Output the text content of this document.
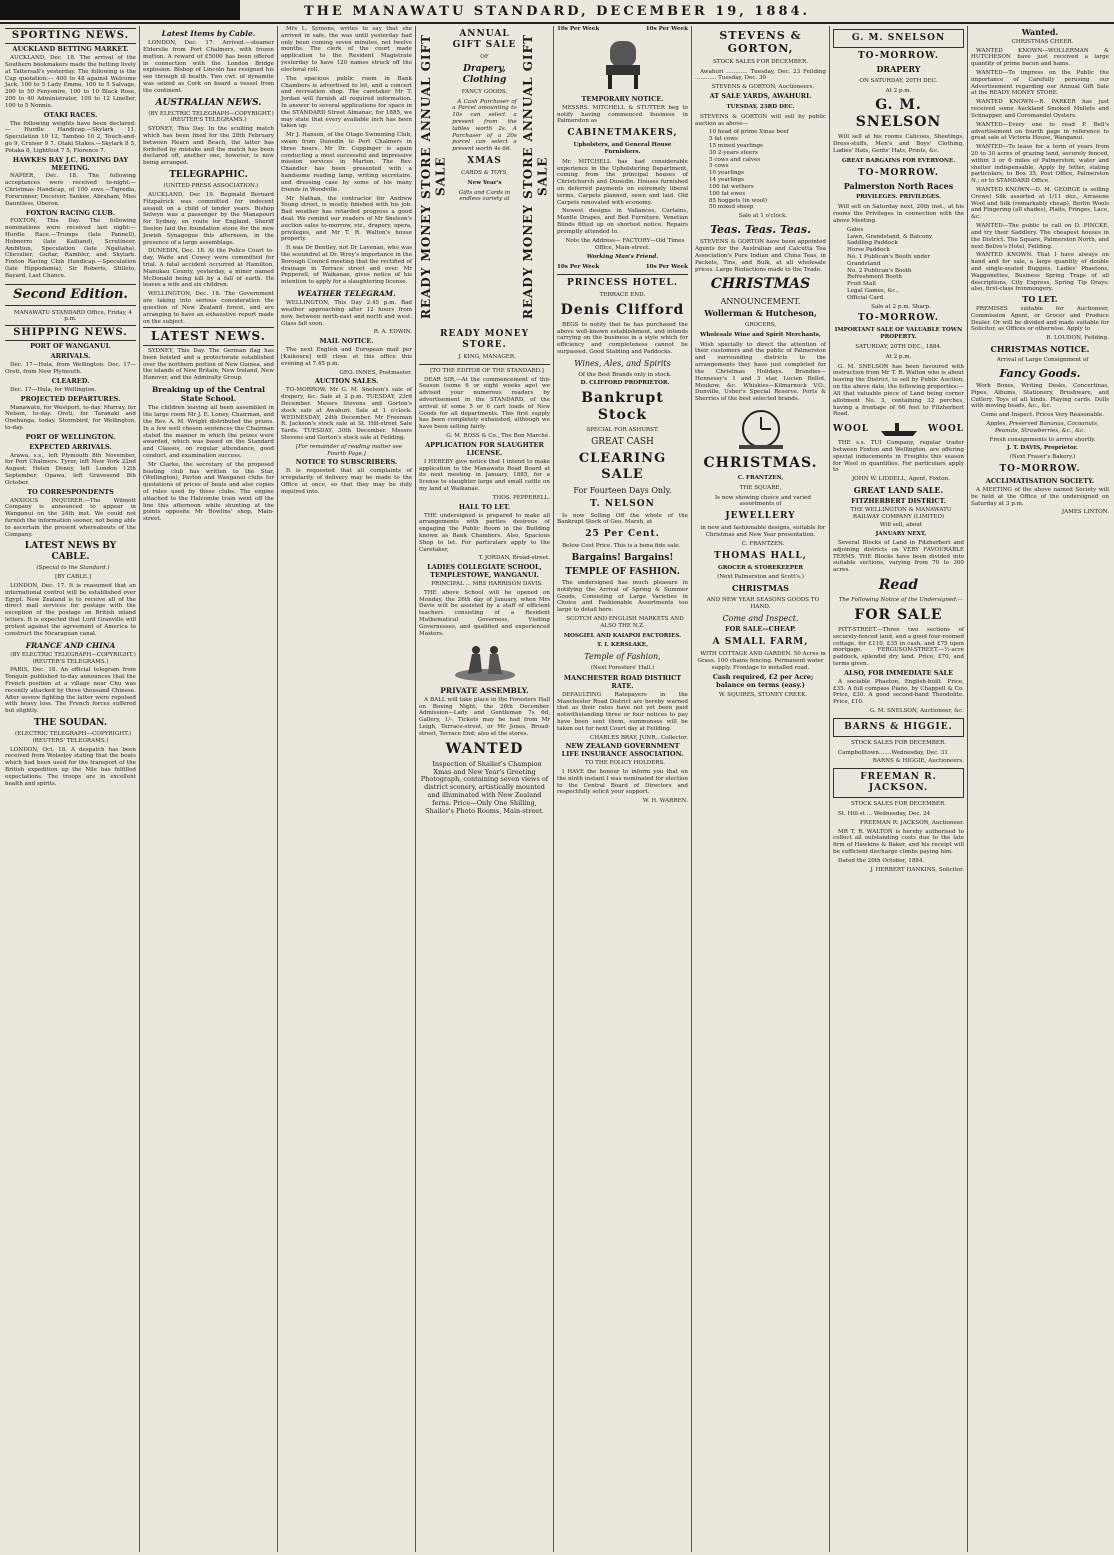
THE MANAWATU STANDARD, DECEMBER 19, 1884.
SPORTING NEWS.
AUCKLAND BETTING MARKET.

AUCKLAND, Dec. 18. The arrival of the Southern bookmakers made the betting lively at Tattersall's yesterday. The following is the Cup quotation:— 400 to 48 against Welcome Jack, 100 to 5 Lady Emma, 100 to 5 Salvage, 200 to 50 Fenyonire, 100 to 10 Black Rose, 200 to 40 Administrator, 100 to 12 Lineller, 100 to 5 Nonnie.

OTAKI RACES.

The following weights have been declared:— Hurdle Handicap.—Skylark 11, Speculation 10 12, Tamboo 10 2, Touch-and-go 9, Cruiser 9 7. Otaki Stakes.—Skylark 8 5, Potaka 8, Lightfoot 7 5, Florence 7.

HAWKES BAY J.C. BOXING DAY MEETING.

NAPIER, Dec. 18. The following acceptances were received to-night:— Christmas Handicap, of 100 sovs.—Tigredia, Forerunner, Deceiver, Yankee, Abraham, Miss Dauntless, Oberon.

FOXTON RACING CLUB.

FOXTON, This Day. The following nominations were received last night:— Hurdle Race.—Trumps (late Pannell), Hobnerre (late Kailiand), Scrutineer, Ambition, Speculation (late Ngatiaha), Chevalier, Guitar, Rambler, and Skylark. Foxton Racing Club Handicap.—Speculation (late Hippodamia), Sir Roberts, Stilleto, Bayard, Last Chance.

Second Edition.

MANAWATU STANDARD Office, Friday, 4 p.m.

SHIPPING NEWS.
PORT OF WANGANUI.
ARRIVALS.

Dec. 17—Hula, from Wellington. Dec. 17—Oreti, from New Plymouth.

CLEARED.

Dec. 17—Hula, for Wellington.

PROJECTED DEPARTURES.

Manawatu, for Westport, to-day. Murray, for Nelson, to-day. Oreti, for Taranaki and Onehunga, today. Stormbird, for Wellington, to-day.

PORT OF WELLINGTON.
EXPECTED ARRIVALS.

Arawa, s.s., left Plymouth 8th November, for Port Chalmers. Tyrer, left New York 22nd August; Helen Denny, left London 12th September; Opawa, left Gravesend 8th October.

TO CORRESPONDENTS

ANXIOUS INQUIRER.—The Wilmott Company is announced to appear in Wanganui on the 24th inst. We could not furnish the information sooner, not being able to ascertain the present whereabouts of the Company.

LATEST NEWS BY CABLE.

(Special to the Standard.)

[BY CABLE.]

LONDON, Dec. 17. It is reasumed that an international control will be established over Egypt. New Zealand is to receive all of the direct mail services for postage with the exception of the postage on British inland letters. It is expected that Lord Granville will protest against the agreement of America to construct the Nicaraguan canal.

FRANCE AND CHINA

(BY ELECTRIC TELEGRAPH—COPYRIGHT.) (REUTER'S TELEGRAMS.)

PARIS, Dec. 18. An official telegram from Tonquin published to-day announces that the French position at a village near Chu was recently attacked by three thousand Chinese. After severe fighting the latter were repulsed with heavy loss. The French forces suffered but slightly.

THE SOUDAN.

(ELECTRIC TELEGRAPH—COPYRIGHT.) (REUTERS' TELEGRAMS.)

LONDON, Oct. 18. A despatch has been received from Wolseley stating that the boats which had been used for the transport of the British expedition up the Nile has fulfilled expectations. The troops are in excellent health and spirits.

Latest Items by Cable.

LONDON, Dec. 17. Arrived.—steamer Elderslie from Port Chalmers, with frozen mutton. A reward of £5000 has been offered in connection with the London Bridge explosion. Bishop of Lincoln has resigned his see through ill health. Two cwt. of dynamite was seized as Cork on board a vessel from the continent.

AUSTRALIAN NEWS.

(BY ELECTRIC TELEGRAPH—COPYRIGHT.) (REUTER'S TELEGRAMS.)

SYDNEY, This Day. In the sculling match which has been fixed for the 28th February between Hearn and Beach, the latter has forfeited by mistake and the match has been declared off, another one, however, is now being arranged.

TELEGRAPHIC.

(UNITED PRESS ASSOCIATION.)

AUCKLAND, Dec 19. Reginald Bernard Fitzpatrick was committed for indecent assault on a child of tender years. Bishop Selwyn was a passenger by the Manapouri for Sydney, en route for England. Sheriff Seelon laid the foundation stone for the new Jewish Synagogue this afternoon, in the presence of a large assemblage.

DUNEDIN, Dec. 18. At the Police Court to-day, Waite and Cowey were committed for trial. A fatal accident occurred at Hamilton, Manukau County, yesterday, a miner named McDonald being kill by a fall of earth. He leaves a wife and six children.

WELLINGTON, Dec. 18. The Government are taking into serious consideration the question of New Zealand forest, and are arranging to have an exhaustive report made on the subject.

LATEST NEWS.

SYDNEY, This Day. The German flag has been hoisted and a protectorate established over the northern portion of New Guinea, and the islands of New Britain, New Ireland, New Hanover, and the Admiralty Group.

Breaking up of the Central State School.

The children leaving all been assembled in the large room Mr J. E. Loney, Chairman, and the Rev. A. M. Wright distributed the prizes. In a few well chosen sentences the Chairman stated the manner in which the prizes were awarded, which was based on the Standard and Classes, on regular attendance, good conduct, and examination success.

Mr Clarke, the secretary of the proposed boating club has written to the Star, (Wellington), Pavton and Wanganui clubs for quotations of prices of boats and also copies of rules used by these clubs. The engine attached to the Halcombe train went off the line this afternoon while shunting at the points opposite Mr Bowlins' shop, Main-street.

Mrs L. Symons, writes to say that she arrived in safe, the was until yesterday had only been coming seven minutes, not twelve months. The clerk of the court made application to the Resident Magistrate yesterday to have 120 names struck off the electoral roll.

The spacious public room in Bank Chambers is advertised to let, and a concert and recreation shop. The caretaker Mr T. Jordan will furnish all required information. In answer to several applications for space in the STANDARD Street Almanac, for 1885, we may state that every available inch has been taken up.

Mr J. Hanson, of the Otago Swimming Club, swam from Dunedin to Port Chalmers in three hours. Mr Dr. Coppinger is again conducting a most successful and impressive mission services in Marton. The Rev. Chandler has been presented with a handsome reading lamp, writing secretaire, and dressing case by some of his many friends in Woodville.

Mr Nathan, the contractor for Andrew Young street, is mostly finished with his job. Bad weather has retarded progress a good deal. We remind our readers of Mr Snelson's auction sales to-morrow, viz., drapery, opera, privileges, and Mr T. R. Walton's house property.

It was Dr Bentley, not Dr Lavenan, who was the scoundrel at Dr. Wrey's importance in the Borough Council meeting that the rectified of drainage in Terrace street and over. Mr Pepperell, of Waikanae, gives notice of his intention to apply for a slaughtering license.

WEATHER TELEGRAM.

WELLINGTON, This Day 2.45 p.m. Bad weather approaching after 12 hours from now, between north-east and north and west. Glass fall soon.

R. A. EDWIN.

MAIL NOTICE.

The next English and European mail per [Kaikoura] will close at this office this evening at 7.45 p.m.

GEO. INNES, Postmaster.

AUCTION SALES.

TO-MORROW. Mr G. M. Snelson's sale of drapery, &c. Sale at 2 p.m. TUESDAY, 23rd December. Messrs Stevens and Gorton's stock sale at Awahuri. Sale at 1 o'clock. WEDNESDAY, 24th December. Mr Freeman R. Jackson's stock sale at St. Hill-street Sale Yards. TUESDAY, 30th December. Messrs Stevens and Gorton's stock sale at Feilding.

[For remainder of reading matter see Fourth Page.]

NOTICE TO SUBSCRIBERS.

It is requested that all complaints of irregularity of delivery may be made to the Office at once, so that they may be duly inquired into.

READY MONEY STORE ANNUAL GIFT SALE
ANNUAL GIFT SALE
OF
Drapery, Clothing
FANCY GOODS.

A Cash Purchaser of a Parcel amounting to 10s can select a present from the tables worth 2s. A Purchaser of a 20s parcel can select a present worth 4s 6d.

XMAS
CARDS & TOYS,
New Year's
Gifts and Cards in endless variety at READY MONEY STORE ANNUAL GIFT SALE
READY MONEY STORE.

J. KING, MANAGER.

[TO THE EDITOR OF THE STANDARD.]

DEAR SIR,—At the commencement of this Season (some 6 or eight weeks ago) we advised your numerous readers by advertisement in the STANDARD, of the arrival of some 5 or 6 cart loads of New Goods for all departments. This first supply has been completely exhausted, although we have been selling fairly.

G. M. ROSS & Co., The Bon Marché.

APPLICATION FOR SLAUGHTER LICENSE.

I HEREBY give notice that I intend to make application to the Manawatu Road Board at its next meeting in January, 1885, for a license to slaughter large and small cattle on my land at Waikanae.

THOS. PEPPERELL.

HALL TO LET.

THE undersigned is prepared to make all arrangements with parties desirous of engaging the Public Room in the Building known as Bank Chambers. Also, Spacious Shop to let. For particulars apply to the Caretaker,

T. JORDAN, Broad-street.

LADIES COLLEGIATE SCHOOL, TEMPLESTOWE, WANGANUI.

PRINCIPAL ... MRS HARRISON DAVIS.

THE above School will be opened on Monday, the 26th day of January, when Mrs Davis will be assisted by a staff of efficient teachers consisting of a Resident Mathematical Governess, Visiting Governesses, and qualified and experienced Masters.

PRIVATE ASSEMBLY.

A BALL will take place in the Foresters Hall on Boxing Night, the 26th December. Admission—Lady and Gentleman 7s 6d, Gallery, 1/-. Tickets may be had from Mr Leigh, Terrace-street, or Mr Jones, Broad-street, Terrace End; also at the stores.

WANTED

Inspection of Shailer's Champion Xmas and New Year's Greeting Photograph, containing seven views of district scenery, artistically mounted and illuminated with New Zealand ferns. Price—Only One Shilling, Shailer's Photo Rooms, Main-street.

10s Per Week	10s Per Week
TEMPORARY NOTICE.

MESSRS. MITCHELL & STUTTER beg to notify having commenced business in Palmerston as

CABINETMAKERS,
Upholsters, and General House Furnishers.

Mr. MITCHELL has had considerable experience in the Upholstering Department, coming from the principal houses of Christchurch and Dunedin. Houses furnished on deferred payments on extremely liberal terms. Carpets planned, sewn and laid. Old Carpets renovated with economy.

Newest designs in Vallances, Curtains, Mantle Drapes, and Bed Furniture. Venetian Blinds fitted up on shortest notice. Repairs promptly attended to.

Note the Address— FACTORY—Old Times Office, Main-street.

Working Man's Friend.
10s Per Week	10s Per Week
PRINCESS HOTEL.
TERRACE END.
Denis Clifford

BEGS to notify that he has purchased the above well-known establishment, and intends carrying on the business in a style which for efficiency and completeness cannot be surpassed. Good Stabling and Paddocks.

Wines, Ales, and Spirits

Of the Best Brands only in stock.

D. CLIFFORD PROPRIETOR.

Bankrupt Stock
SPECIAL FOR ASHURST.
GREAT CASH
CLEARING SALE
For Fourteen Days Only.
T. NELSON

Is now Selling Off the whole of the Bankrupt Stock of Geo. Marsh, at

25 Per Cent.

Below Cost Price. This is a bona fide sale.

Bargains! Bargains!
TEMPLE OF FASHION.

The undersigned has much pleasure in notifying the Arrival of Spring & Summer Goods, Consisting of Large Varieties in Choice and Fashionable Assortments too large to detail here.

SCOTCH AND ENGLISH MARKETS AND ALSO THE N.Z.

MOSGIEL AND KAIAPOI FACTORIES.
T. I. KERSLAKE,
Temple of Fashion,
(Next Foresters' Hall.)
MANCHESTER ROAD DISTRICT RATE.

DEFAULTING Ratepayers in the Manchester Road District are hereby warned that as their rates have not yet been paid notwithstanding three or four notices to pay have been sent them, summonses will be taken out for next Court day at Feilding.

CHARLES BRAY, JUNR., Collector.

NEW ZEALAND GOVERNMENT LIFE INSURANCE ASSOCIATION.

TO THE POLICY HOLDERS.

I HAVE the honour to inform you that on the ninth instant I was nominated for election to the Central Board of Directors and respectfully solicit your support.

W. H. WARREN.

STEVENS & GORTON,
STOCK SALES FOR DECEMBER.

Awahuri ............ Tuesday, Dec. 23 Feilding ............ Tuesday, Dec. 30

STEVENS & GORTON, Auctioneers.

AT SALE YARDS, AWAHURI.
TUESDAY, 23RD DEC.

STEVENS & GORTON will sell by public auction as above—

10 head of prime Xmas beef
5 fat cows
15 mixed yearlings
30 2-years steers
5 cows and calves
5 cows
10 yearlings
14 yearlings
100 fat wethers
100 fat ewes
85 hoggets (in wool)
50 mixed sheep

Sale at 1 o'clock.

Teas. Teas. Teas.

STEVENS & GORTON have been appointed Agents for the Australian and Calcutta Tea Association's Pure Indian and China Teas, in Packets, Tins, and Bulk, at all wholesale prices. Large Reductions made to the Trade.

CHRISTMAS
ANNOUNCEMENT.
Wollerman & Hutcheson,
GROCERS,
Wholesale Wine and Spirit Merchants,

Wish specially to direct the attention of their customers and the public of Palmerston and surrounding districts to the arrangements they have just completed for the Christmas Holidays. Brandies—Hennessy's 1 and 3 star, Lucien Bellot, Meukow, &c. Whiskies—Kilmarnock V.O., Dunville, Usher's Special Reserve. Ports & Sherries of the best selected brands.

CHRISTMAS.
C. FRANTZEN,
THE SQUARE,

Is now showing choice and varied assortments of

JEWELLERY

in new and fashionable designs, suitable for Christmas and New Year presentation.

C. FRANTZEN.

THOMAS HALL,
GROCER & STOREKEEPER
(Next Palmerston and Scott's.)
CHRISTMAS

AND NEW YEAR SEASONS GOODS TO HAND.

Come and Inspect.
FOR SALE—CHEAP.
A SMALL FARM,

WITH COTTAGE AND GARDEN. 50 Acres in Grass. 100 chains fencing. Permanent water supply. Frontage to metalled road.

Cash required, £2 per Acre; balance on terms (easy.)

W. SQUIRES, STONEY CREEK.

G. M. SNELSON
TO-MORROW.
DRAPERY
ON SATURDAY, 20TH DEC.
At 2 p.m.
G. M. SNELSON

Will sell at his rooms Calicoes, Sheetings, Dress-stuffs, Men's and Boys' Clothing, Ladies' Hats, Gents' Hats, Prints, &c.

GREAT BARGAINS FOR EVERYONE.
TO-MORROW.
Palmerston North Races
PRIVILEGES. PRIVILEGES.

Will sell on Saturday next, 20th inst., at his rooms the Privileges in connection with the above Meeting.

Gates
Lawn, Grandstand, & Balcony
Saddling Paddock
Horse Paddock
No. 1 Publican's Booth under Grandstand
No. 2 Publican's Booth
Refreshment Booth
Fruit Stall
Legal Games, &c.,
Official Card.

Sale at 2 p.m. Sharp.

TO-MORROW.
IMPORTANT SALE OF VALUABLE TOWN PROPERTY.
SATURDAY, 20TH DEC., 1884.
At 2 p.m.

G. M. SNELSON has been favoured with instruction from Mr T. R. Walton who is about leaving the District, to sell by Public Auction, on the above date, the following properties:— All that valuable piece of Land being corner allotment No. 3, containing 32 perches, having a frontage of 66 feet to Fitzherbert Road.

WOOL	WOOL

THE s.s. TUI Company, regular trader between Foxton and Wellington, are offering special inducements in Freights this season for Wool in quantities. For particulars apply to

JOHN W. LIDDELL, Agent, Foxton.

GREAT LAND SALE.
FITZHERBERT DISTRICT.

THE WELLINGTON & MANAWATU RAILWAY COMPANY (LIMITED)

Will sell, about

JANUARY NEXT,

Several Blocks of Land in Fitzherbert and adjoining districts on VERY FAVOURABLE TERMS. THE Blocks have been divided into suitable sections, varying from 70 to 300 acres.

Read

The Following Notice of the Undersigned:—

FOR SALE

PITT-STREET.—Three two sections of securely-fenced land, and a good four-roomed cottage, for £110, £35 in cash, and £75 upon mortgage. FERGUSON-STREET.—½-acre paddock, splendid dry land. Price, £70, and terms given.

ALSO, FOR IMMEDIATE SALE

A sociable Phaeton, English-built. Price, £35. A full compass Piano, by Chappell & Co. Price, £30. A good second-hand Theodolite. Price, £10.

G. M. SNELSON, Auctioneer, &c.

BARNS & HIGGIE.
STOCK SALES FOR DECEMBER.

Campbelltown.......Wednesday, Dec. 31

BARNS & HIGGIE, Auctioneers.

FREEMAN R. JACKSON.
STOCK SALES FOR DECEMBER.

St. Hill-st ... Wednesday, Dec. 24

FREEMAN R. JACKSON, Auctioneer.

MR T. R. WALTON is hereby authorised to collect all outstanding costs due to the late firm of Hawkins & Baker, and his receipt will be sufficient discharge climbs paying him.

Dated the 20th October, 1884.

J. HERBERT HANKINS, Solicitor.

Wanted.

CHRISTMAS CHEER.

WANTED KNOWN—WOLLERMAN & HUTCHESON have just received a large quantity of prime bacon and hams.

WANTED—To impress on the Public the importance of Carefully perusing our Advertisement regarding our Annual Gift Sale at the READY MONEY STORE.

WANTED KNOWN—R. PARKER has just received some Auckland Smoked Mullets and Schnapper, and Coromandel Oysters.

WANTED—Every one to read P. Bell's advertisement on fourth page in reference to great sale at Victoria House, Wanganui.

WANTED—To lease for a term of years from 20 to 30 acres of grazing land, securely fenced, within 3 or 6 miles of Palmerston; water and shelter indispensable. Apply by letter, stating particulars, to Box 35, Post Office, Palmerston N.; or to STANDARD Office.

WANTED KNOWN—D. M. GEORGE is selling Crewel Silk assorted at 1/11 doz., Arrasene Wool and Silk (remarkably cheap), Berlin Wools and Fingering (all shades), Plaits, Fringes, Lace, &c.

WANTED—The public to call on D. PINCKE, and try their Saddlery. The cheapest houses in the District. The Square, Palmerston North, and next Bellve's Hotel, Feilding.

WANTED KNOWN. That I have always on hand and for sale, a large quantity of double and single-seated Buggies, Ladies' Phaetons, Waggonettes, Business Spring Traps of all descriptions, City Express, Spring Tip Drays; also, first-class Ironmongery.

TO LET.

PREMISES suitable for Auctioneer, Commission Agent, or Grocer and Produce Dealer. Or will be divided and made suitable for Solicitor, as Offices or otherwise. Apply to

R. LOUDON, Feilding.

CHRISTMAS NOTICE.

Arrival of Large Consignment of

Fancy Goods.

Work Boxes, Writing Desks, Concertinas, Pipes, Albums, Stationery, Brushware, and Cutlery. Toys of all kinds. Playing cards. Dolls with moving heads, &c., &c.

Come and Inspect. Prices Very Reasonable.

Apples, Preserved Bananas, Cocoanuts, Peanuts, Strawberries, &c., &c.

Fresh consignments to arrive shortly.

J. T. DAVIS, Proprietor.

(Next Fraser's Bakery.)

TO-MORROW.
ACCLIMATISATION SOCIETY.

A MEETING of the above named Society will be held at the Office of the undersigned on Saturday at 3 p.m.

JAMES LINTON.
